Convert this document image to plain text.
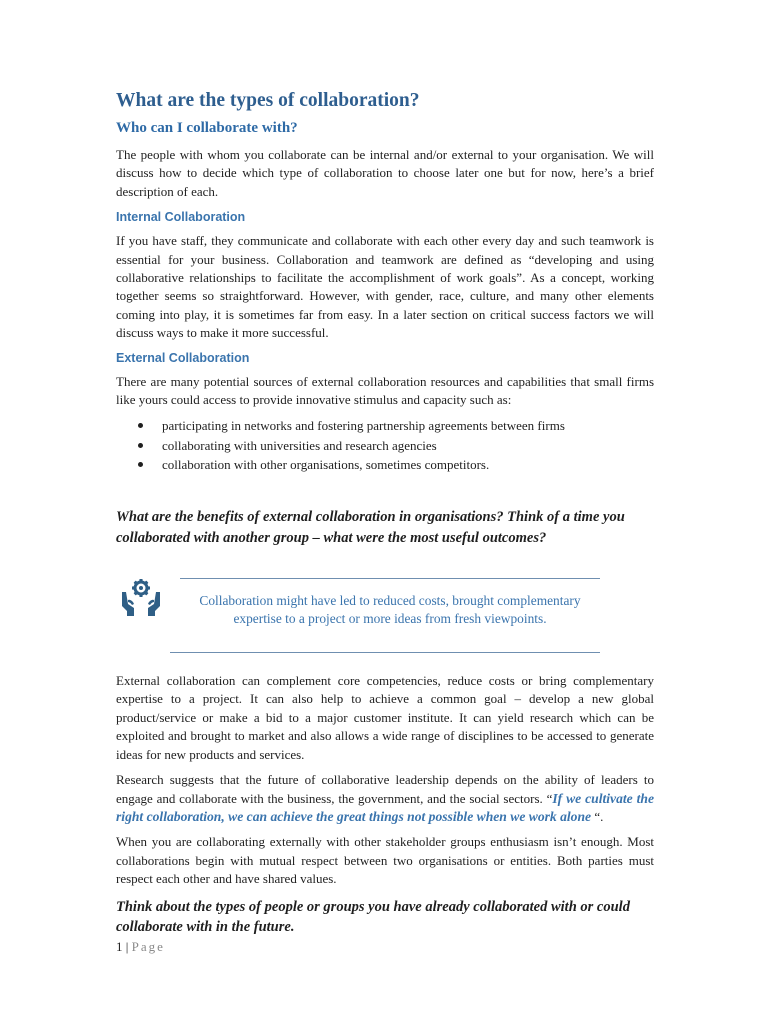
What are the types of collaboration?
Who can I collaborate with?

The people with whom you collaborate can be internal and/or external to your organisation. We will discuss how to decide which type of collaboration to choose later one but for now, here’s a brief description of each.

Internal Collaboration

If you have staff, they communicate and collaborate with each other every day and such teamwork is essential for your business. Collaboration and teamwork are defined as “developing and using collaborative relationships to facilitate the accomplishment of work goals”. As a concept, working together seems so straightforward. However, with gender, race, culture, and many other elements coming into play, it is sometimes far from easy. In a later section on critical success factors we will discuss ways to make it more successful.

External Collaboration

There are many potential sources of external collaboration resources and capabilities that small firms like yours could access to provide innovative stimulus and capacity such as:

participating in networks and fostering partnership agreements between firms
collaborating with universities and research agencies
collaboration with other organisations, sometimes competitors.

What are the benefits of external collaboration in organisations? Think of a time you collaborated with another group – what were the most useful outcomes?

Collaboration might have led to reduced costs, brought complementary expertise to a project or more ideas from fresh viewpoints.

External collaboration can complement core competencies, reduce costs or bring complementary expertise to a project. It can also help to achieve a common goal – develop a new global product/service or make a bid to a major customer institute. It can yield research which can be exploited and brought to market and also allows a wide range of disciplines to be accessed to generate ideas for new products and services.

Research suggests that the future of collaborative leadership depends on the ability of leaders to engage and collaborate with the business, the government, and the social sectors. “If we cultivate the right collaboration, we can achieve the great things not possible when we work alone “.

When you are collaborating externally with other stakeholder groups enthusiasm isn’t enough. Most collaborations begin with mutual respect between two organisations or entities. Both parties must respect each other and have shared values.

Think about the types of people or groups you have already collaborated with or could collaborate with in the future.

1 | Page
